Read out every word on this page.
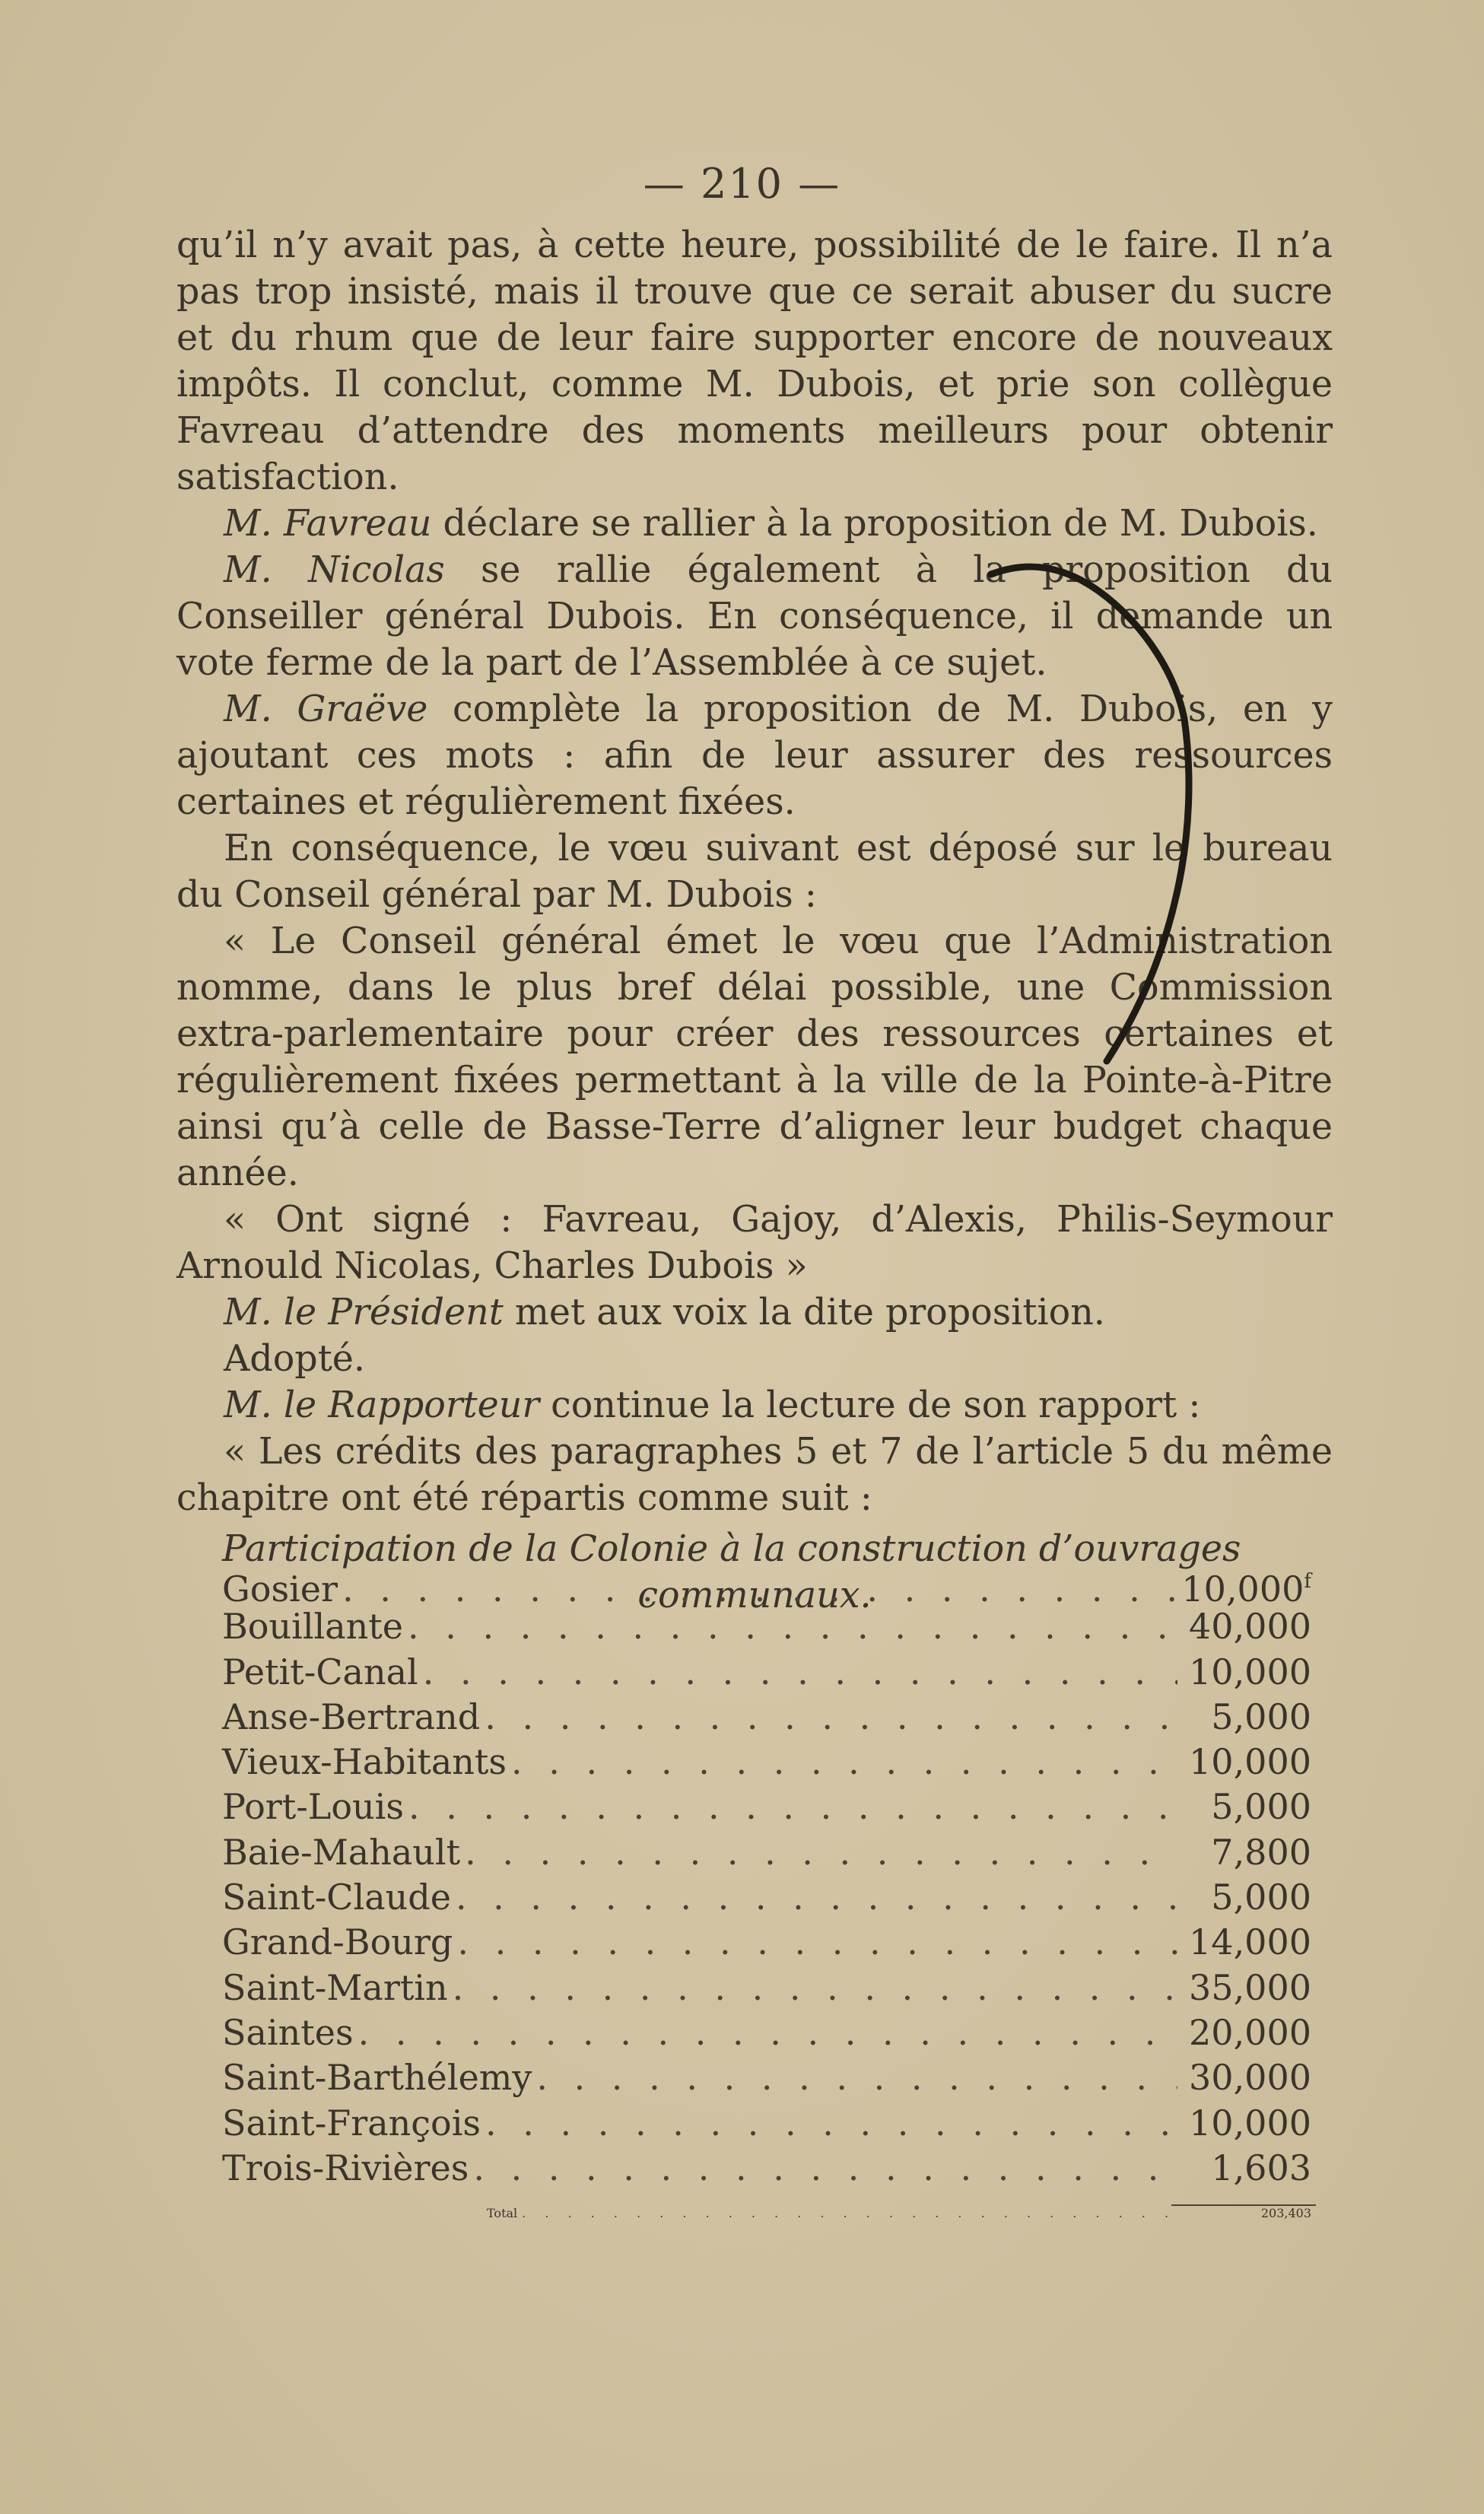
— 210 —

qu’il n’y avait pas, à cette heure, possibilité de le faire. Il n’a pas trop insisté, mais il trouve que ce serait abuser du sucre et du rhum que de leur faire supporter encore de nouveaux impôts. Il conclut, comme M. Dubois, et prie son collègue Favreau d’attendre des moments meilleurs pour obtenir satisfaction.

M. Favreau déclare se rallier à la proposition de M. Dubois.

M. Nicolas se rallie également à la proposition du Conseiller général Dubois. En conséquence, il demande un vote ferme de la part de l’Assemblée à ce sujet.

M. Graëve complète la proposition de M. Dubois, en y ajoutant ces mots : afin de leur assurer des ressources certaines et régulièrement fixées.

En conséquence, le vœu suivant est déposé sur le bureau du Conseil général par M. Dubois :

« Le Conseil général émet le vœu que l’Administration nomme, dans le plus bref délai possible, une Commission extra-parlementaire pour créer des ressources certaines et régulièrement fixées permettant à la ville de la Pointe-à-Pitre ainsi qu’à celle de Basse-Terre d’aligner leur budget chaque année.

« Ont signé : Favreau, Gajoy, d’Alexis, Philis-Seymour Arnould Nicolas, Charles Dubois »

M. le Président met aux voix la dite proposition.

Adopté.

M. le Rapporteur continue la lecture de son rapport :

« Les crédits des paragraphes 5 et 7 de l’article 5 du même chapitre ont été répartis comme suit :

Participation de la Colonie à la construction d’ouvrages
communaux.

Gosier . . .	10,000$^f$
Bouillante . . .	40,000
Petit-Canal . . .	10,000
Anse-Bertrand . . .	5,000
Vieux-Habitants . . .	10,000
Port-Louis . . .	5,000
Baie-Mahault . . .	7,800
Saint-Claude . . .	5,000
Grand-Bourg . . .	14,000
Saint-Martin . . .	35,000
Saintes . . .	20,000
Saint-Barthélemy . . .	30,000
Saint-François . . .	10,000
Trois-Rivières . . .	1,603
Total . . .	203,403
